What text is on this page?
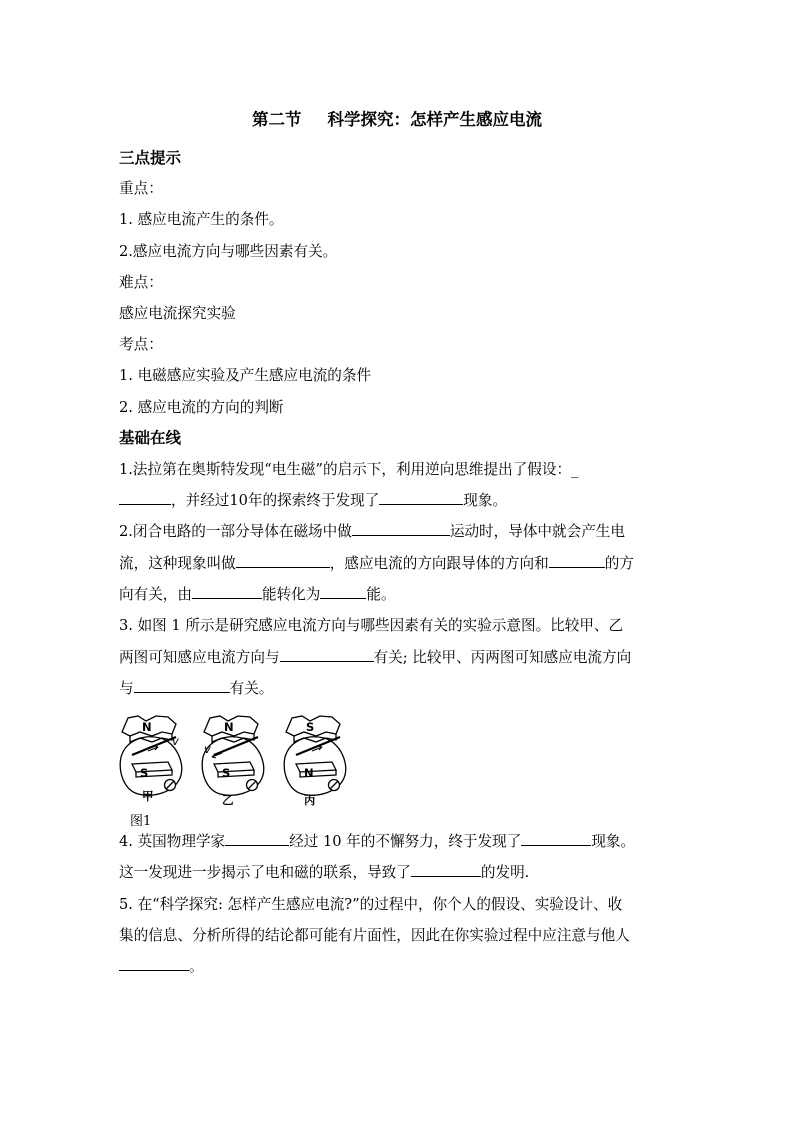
第二节 科学探究：怎样产生感应电流
三点提示
重点：
1. 感应电流产生的条件。
2.感应电流方向与哪些因素有关。
难点：
感应电流探究实验
考点：
1. 电磁感应实验及产生感应电流的条件
2. 感应电流的方向的判断
基础在线
1.法拉第在奥斯特发现“电生磁”的启示下，利用逆向思维提出了假设：_
，并经过10年的探索终于发现了	现象。
2.闭合电路的一部分导体在磁场中做	运动时，导体中就会产生电
流，这种现象叫做	，感应电流的方向跟导体的方向和	的方
向有关，由	能转化为	能。
3. 如图 1 所示是研究感应电流方向与哪些因素有关的实验示意图。比较甲、乙
两图可知感应电流方向与	有关; 比较甲、丙两图可知感应电流方向
与	有关。
N
S
v
甲
N
S
v
乙
S
N
丙
图1
4. 英国物理学家	经过 10 年的不懈努力，终于发现了	现象。
这一发现进一步揭示了电和磁的联系，导致了	的发明.
5. 在“科学探究: 怎样产生感应电流?”的过程中，你个人的假设、实验设计、收
集的信息、分析所得的结论都可能有片面性，因此在你实验过程中应注意与他人
。
